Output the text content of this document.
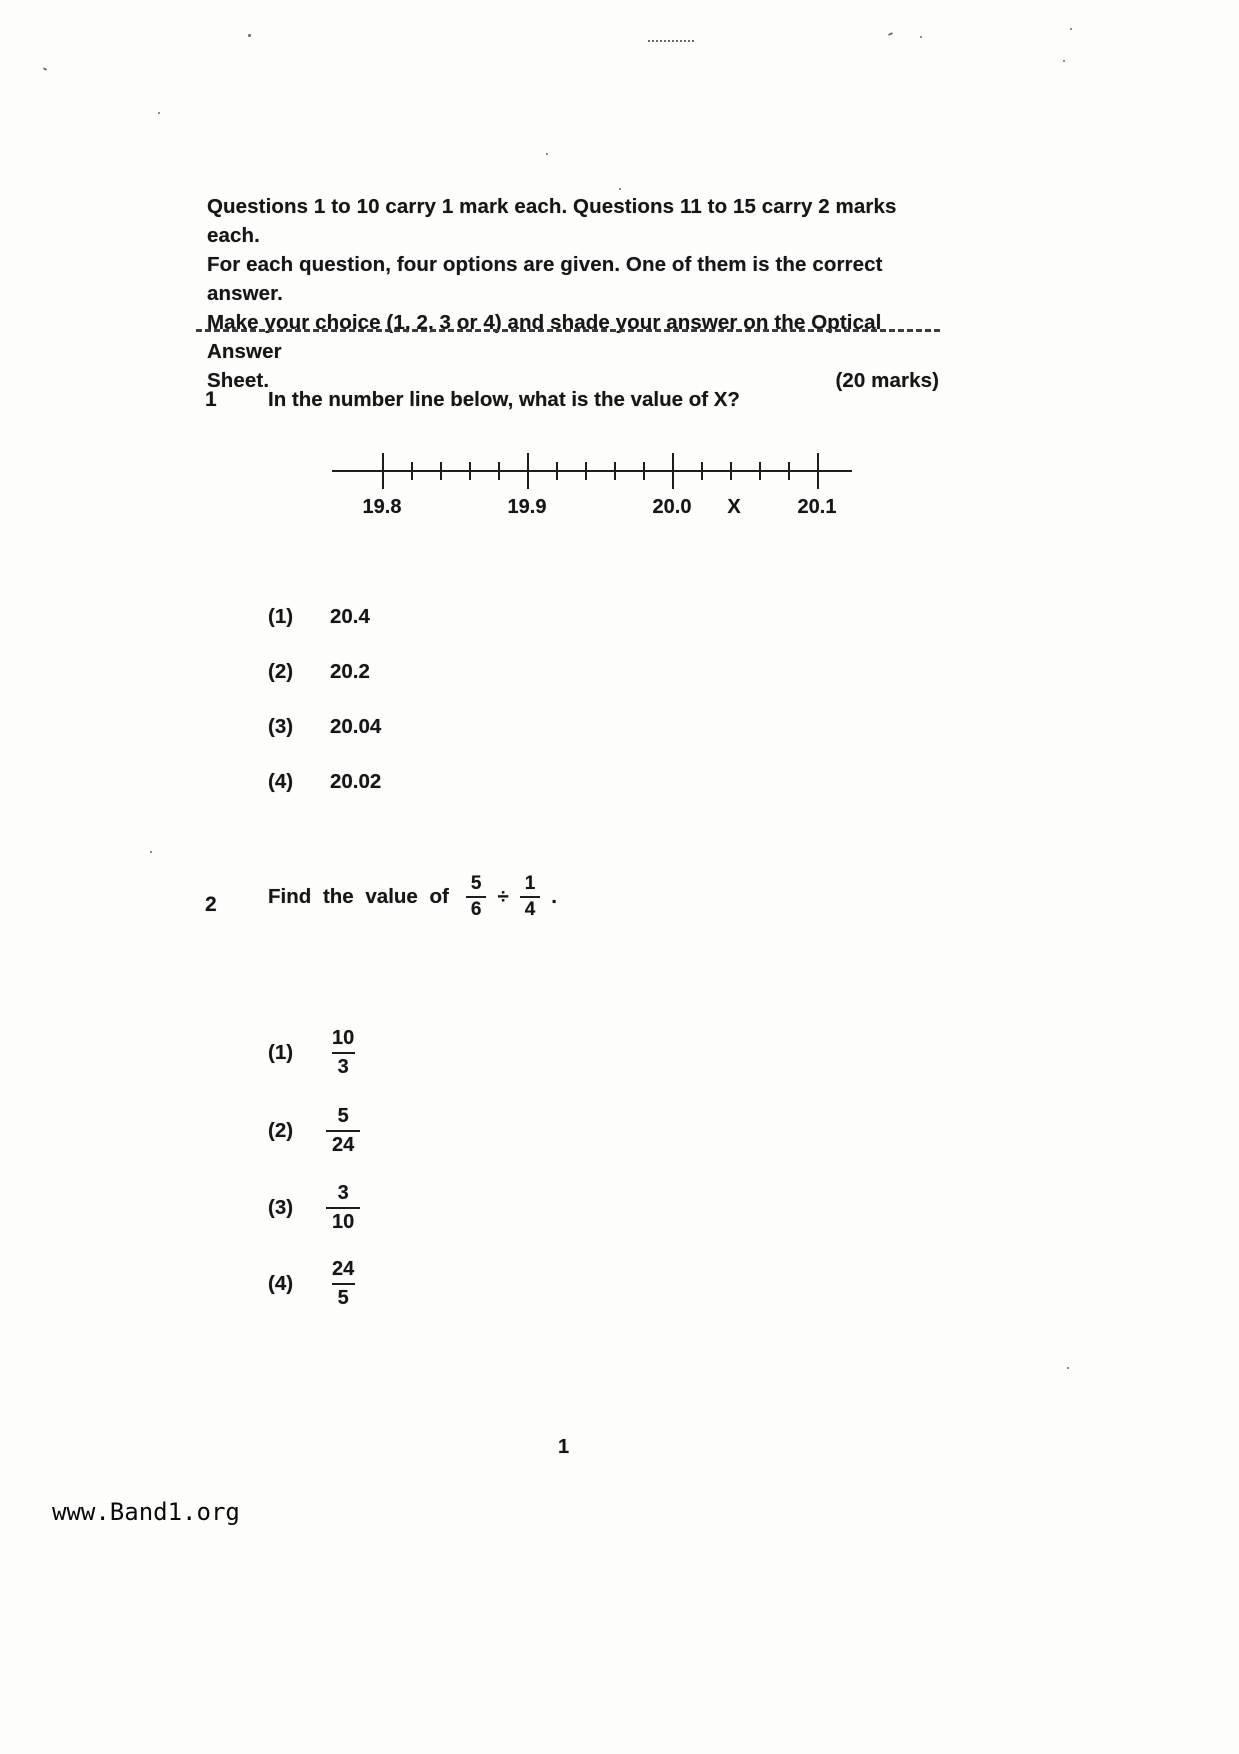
Questions 1 to 10 carry 1 mark each. Questions 11 to 15 carry 2 marks each.
For each question, four options are given. One of them is the correct answer.
Make your choice (1, 2, 3 or 4) and shade your answer on the Optical Answer
Sheet.	(20 marks)
1	In the number line below, what is the value of X?
19.8	19.9	20.0 X	20.1
(1)	20.4
(2)	20.2
(3)	20.04
(4)	20.02
2	Find the value of $\frac{5}{6} \div \frac{1}{4}$ .
(1)	$\frac{10}{3}$
(2)	$\frac{5}{24}$
(3)	$\frac{3}{10}$
(4)	$\frac{24}{5}$
1
www.Band1.org
